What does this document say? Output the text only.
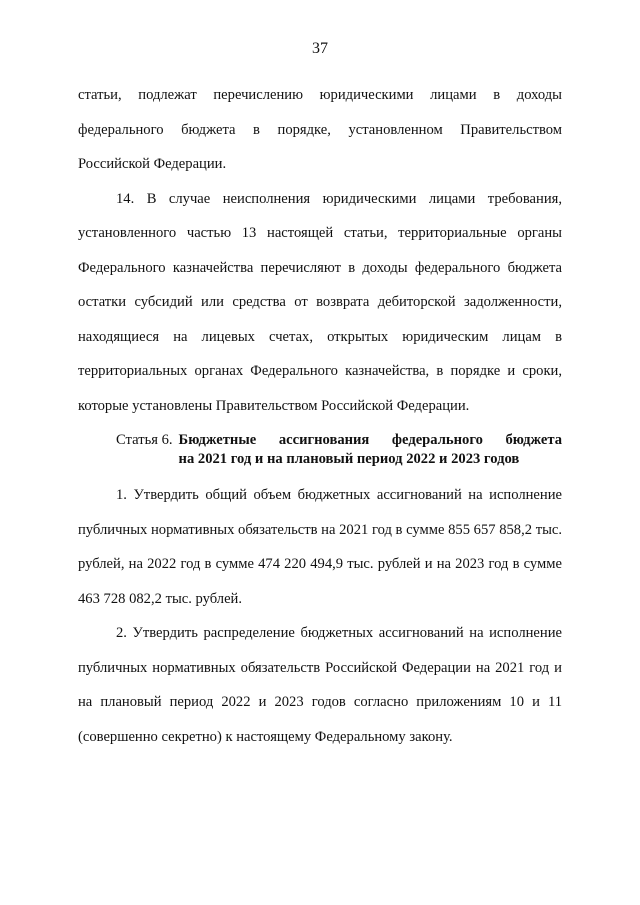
37

статьи, подлежат перечислению юридическими лицами в доходы федерального бюджета в порядке, установленном Правительством Российской Федерации.

14. В случае неисполнения юридическими лицами требования, установленного частью 13 настоящей статьи, территориальные органы Федерального казначейства перечисляют в доходы федерального бюджета остатки субсидий или средства от возврата дебиторской задолженности, находящиеся на лицевых счетах, открытых юридическим лицам в территориальных органах Федерального казначейства, в порядке и сроки, которые установлены Правительством Российской Федерации.

Статья 6. Бюджетные ассигнования федерального бюджета
на 2021 год и на плановый период 2022 и 2023 годов

1. Утвердить общий объем бюджетных ассигнований на исполнение публичных нормативных обязательств на 2021 год в сумме 855 657 858,2 тыс. рублей, на 2022 год в сумме 474 220 494,9 тыс. рублей и на 2023 год в сумме 463 728 082,2 тыс. рублей.

2. Утвердить распределение бюджетных ассигнований на исполнение публичных нормативных обязательств Российской Федерации на 2021 год и на плановый период 2022 и 2023 годов согласно приложениям 10 и 11 (совершенно секретно) к настоящему Федеральному закону.
